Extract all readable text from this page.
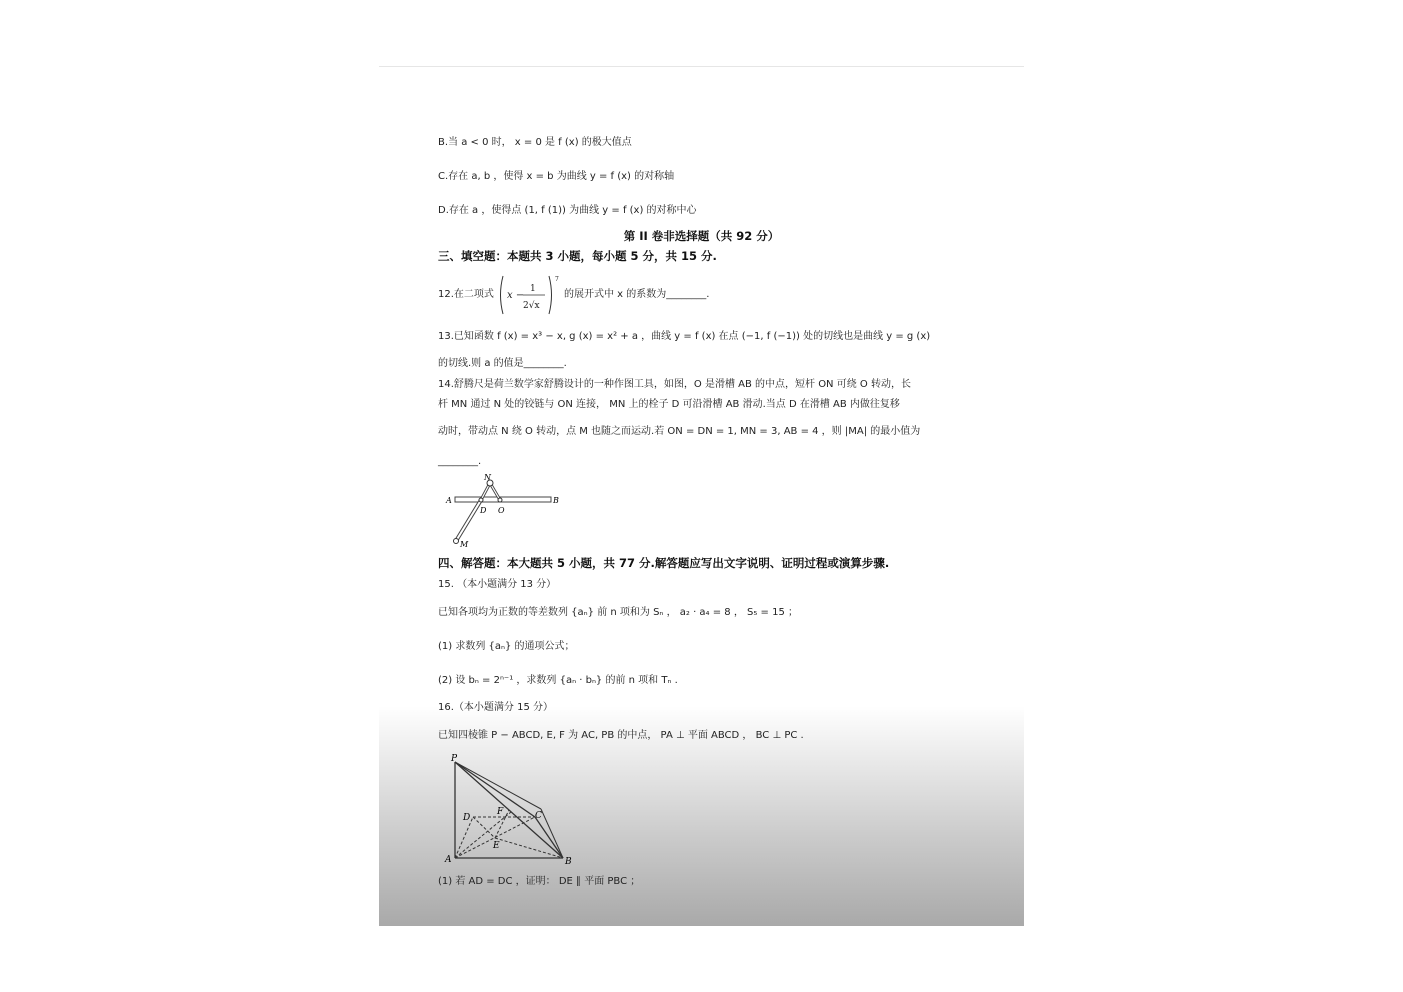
B.当 a < 0 时， x = 0 是 f (x) 的极大值点
C.存在 a, b ，使得 x = b 为曲线 y = f (x) 的对称轴
D.存在 a ，使得点 (1, f (1)) 为曲线 y = f (x) 的对称中心
第 II 卷非选择题（共 92 分）
三、填空题：本题共 3 小题，每小题 5 分，共 15 分.
12.在二项式 x −
1
2√x
7
的展开式中 x 的系数为________.
13.已知函数 f (x) = x³ − x, g (x) = x² + a ，曲线 y = f (x) 在点 (−1, f (−1)) 处的切线也是曲线 y = g (x)
的切线.则 a 的值是________.
14.舒腾尺是荷兰数学家舒腾设计的一种作图工具，如图，O 是滑槽 AB 的中点，短杆 ON 可绕 O 转动，长
杆 MN 通过 N 处的铰链与 ON 连接， MN 上的栓子 D 可沿滑槽 AB 滑动.当点 D 在滑槽 AB 内做往复移
动时，带动点 N 绕 O 转动，点 M 也随之而运动.若 ON = DN = 1, MN = 3, AB = 4 ，则 |MA| 的最小值为
________.
N
A
D O
B
M
四、解答题：本大题共 5 小题，共 77 分.解答题应写出文字说明、证明过程或演算步骤.
15. （本小题满分 13 分）
已知各项均为正数的等差数列 {aₙ} 前 n 项和为 Sₙ ， a₂ · a₄ = 8 ， S₅ = 15 ；
(1) 求数列 {aₙ} 的通项公式；
(2) 设 bₙ = 2ⁿ⁻¹ ，求数列 {aₙ · bₙ} 的前 n 项和 Tₙ .
16.（本小题满分 15 分）
已知四棱锥 P − ABCD, E, F 为 AC, PB 的中点， PA ⊥ 平面 ABCD ， BC ⊥ PC .
P
D
F	C
E
A	B
(1) 若 AD = DC ，证明： DE ∥ 平面 PBC ；
